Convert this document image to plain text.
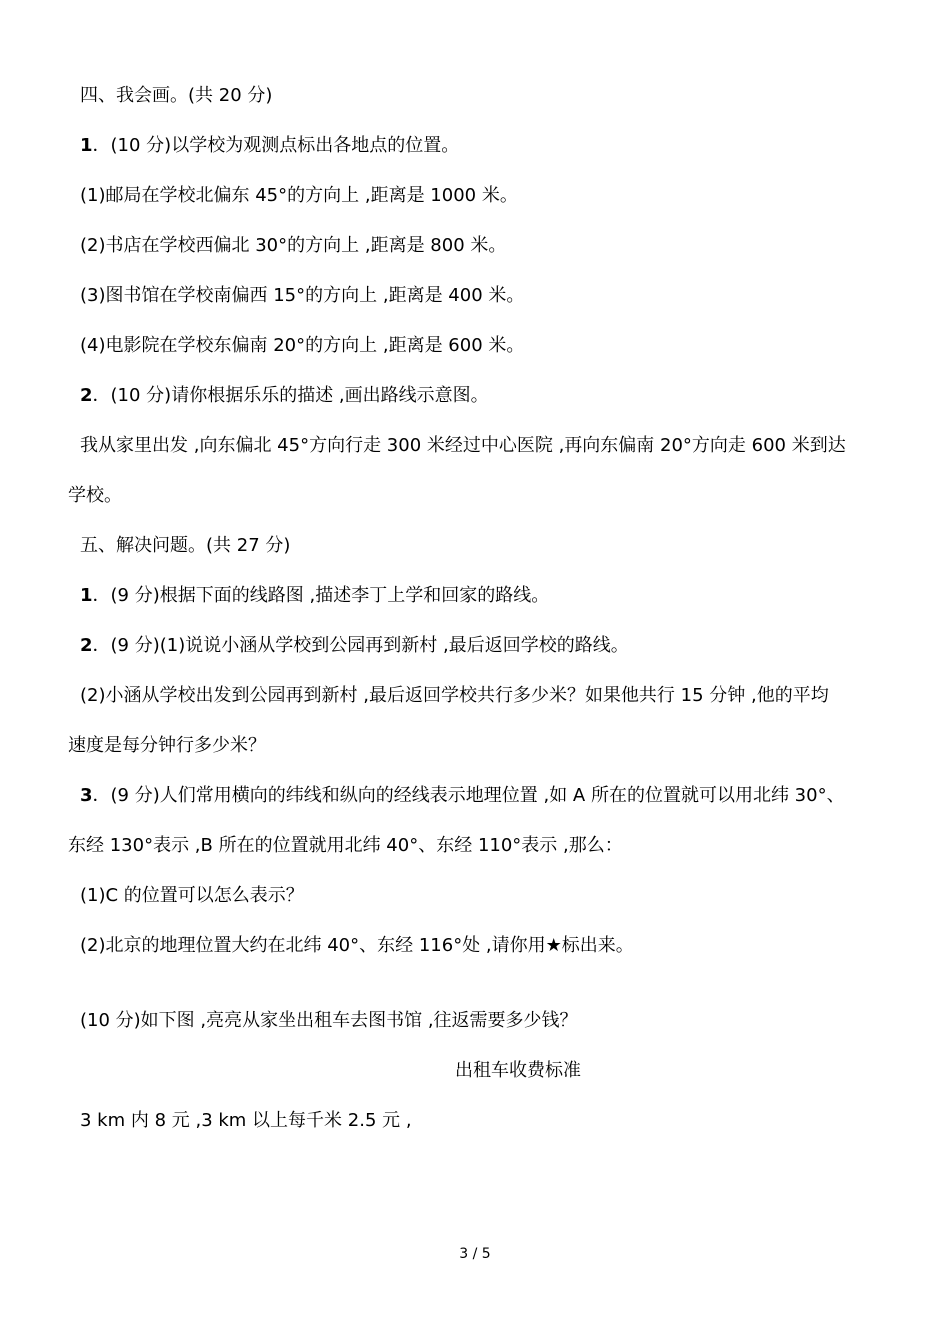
四、我会画。(共 20 分)
1．(10 分)以学校为观测点标出各地点的位置。
(1)邮局在学校北偏东 45°的方向上 ,距离是 1000 米。
(2)书店在学校西偏北 30°的方向上 ,距离是 800 米。
(3)图书馆在学校南偏西 15°的方向上 ,距离是 400 米。
(4)电影院在学校东偏南 20°的方向上 ,距离是 600 米。
2．(10 分)请你根据乐乐的描述 ,画出路线示意图。
我从家里出发 ,向东偏北 45°方向行走 300 米经过中心医院 ,再向东偏南 20°方向走 600 米到达
学校。
五、解决问题。(共 27 分)
1．(9 分)根据下面的线路图 ,描述李丁上学和回家的路线。
2．(9 分)(1)说说小涵从学校到公园再到新村 ,最后返回学校的路线。
(2)小涵从学校出发到公园再到新村 ,最后返回学校共行多少米？如果他共行 15 分钟 ,他的平均
速度是每分钟行多少米？
3．(9 分)人们常用横向的纬线和纵向的经线表示地理位置 ,如 A 所在的位置就可以用北纬 30°、
东经 130°表示 ,B 所在的位置就用北纬 40°、东经 110°表示 ,那么：
(1)C 的位置可以怎么表示？
(2)北京的地理位置大约在北纬 40°、东经 116°处 ,请你用★标出来。
(10 分)如下图 ,亮亮从家坐出租车去图书馆 ,往返需要多少钱？
出租车收费标准
3 km 内 8 元 ,3 km 以上每千米 2.5 元 ,
3 / 5
